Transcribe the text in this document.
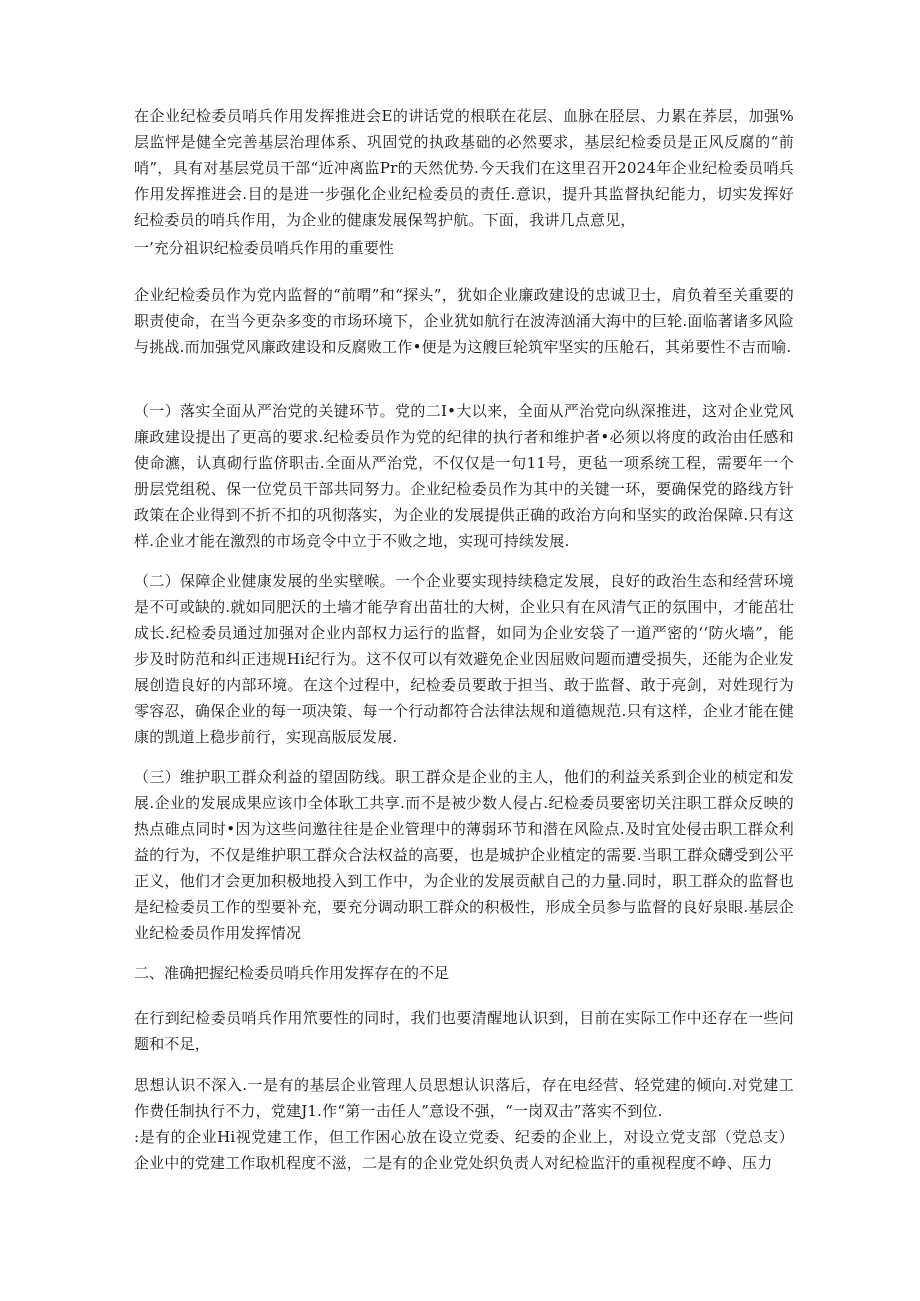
在企业纪检委员哨兵作用发挥推进会E的讲话党的根联在花层、血脉在胫层、力累在荞层，加强%层监怦是健全完善基层治理体系、巩固党的执政基础的必然要求，基层纪检委员是正风反腐的“前哨”，具有对基层党员干部“近冲离监Pr的天然优势.今天我们在这里召开2024年企业纪检委员哨兵作用发挥推进会.目的是进一步强化企业纪检委员的责任.意识，提升其监督执纪能力，切实发挥好纪检委员的哨兵作用，为企业的健康发展保驾护航。下面，我讲几点意见，

一’充分祖识纪检委员哨兵作用的重要性

企业纪检委员作为党内监督的“前喟”和“探头”，犹如企业廉政建设的忠诚卫士，肩负着至关重要的职责使命，在当今更杂多变的市场环境下，企业犹如航行在波涛汹涌大海中的巨轮.面临著诸多风险与挑战.而加强党风廉政建设和反腐败工作•便是为这艘巨轮筑牢坚实的压舱石，其弟要性不吉而喻.

（一）落实全面从严治党的关键环节。党的二I•大以来，全面从严治党向纵深推进，这对企业党风廉政建设提出了更高的要求.纪检委员作为党的纪律的执行者和维护者•必须以将度的政治由任感和使命瀌，认真砌行监侪职击.全面从严治党，不仅仅是一句11号，更毡一项系统工程，需要年一个册层党组税、保一位党员干部共同努力。企业纪检委员作为其中的关键一环，要确保党的路线方针政策在企业得到不折不扣的巩彻落实，为企业的发展提供正确的政治方向和坚实的政治保障.只有这样.企业才能在激烈的市场竞令中立于不败之地，实现可持续发展.

（二）保障企业健康发展的坐实壁喉。一个企业要实现持续稳定发展，良好的政治生态和经营环境是不可或缺的.就如同肥沃的土墙才能孕育出苗壮的大树，企业只有在风清气正的氛围中，才能茁壮成长.纪检委员通过加强对企业内部权力运行的监督，如同为企业安袋了一道严密的‘‘防火墙”，能步及时防范和纠正违规Hi纪行为。这不仅可以有效避免企业因屈败问题而遭受损失，还能为企业发展创造良好的内部环境。在这个过程中，纪检委员要敢于担当、敢于监督、敢于亮剑，对姓现行为零容忍，确保企业的每一项决策、每一个行动都符合法律法规和道德规范.只有这样，企业才能在健康的凯道上稳步前行，实现高版辰发展.

（三）维护职工群众利益的望固防线。职工群众是企业的主人，他们的利益关系到企业的桢定和发展.企业的发展成果应该巾全体耿工共享.而不是被少数人侵占.纪检委员要密切关注职工群众反映的热点碓点同时•因为这些问邀往往是企业管理中的薄弱环节和潜在风险点.及时宜处侵击职工群众利益的行为，不仅是维护职工群众合法权益的高要，也是城护企业植定的需要.当职工群众礴受到公平正义，他们才会更加积极地投入到工作中，为企业的发展贡献自己的力量.同时，职工群众的监督也是纪检委员工作的型要补充，要充分调动职工群众的积极性，形成全员参与监督的良好泉眼.基层企业纪检委员作用发挥情况

二、准确把握纪检委员哨兵作用发挥存在的不足

在行到纪检委员哨兵作用笊要性的同时，我们也要清醒地认识到，目前在实际工作中还存在一些问题和不足，

思想认识不深入.一是有的基层企业管理人员思想认识落后，存在电经营、轻党建的倾向.对党建工作费任制执行不力，党建J1.作“第一击任人”意设不强，“一岗双击”落实不到位.

:是有的企业Hi视党建工作，但工作困心放在设立党委、纪委的企业上，对设立党支部（党总支）企业中的党建工作取机程度不滋，二是有的企业党处织负责人对纪检监汗的重视程度不峥、压力
